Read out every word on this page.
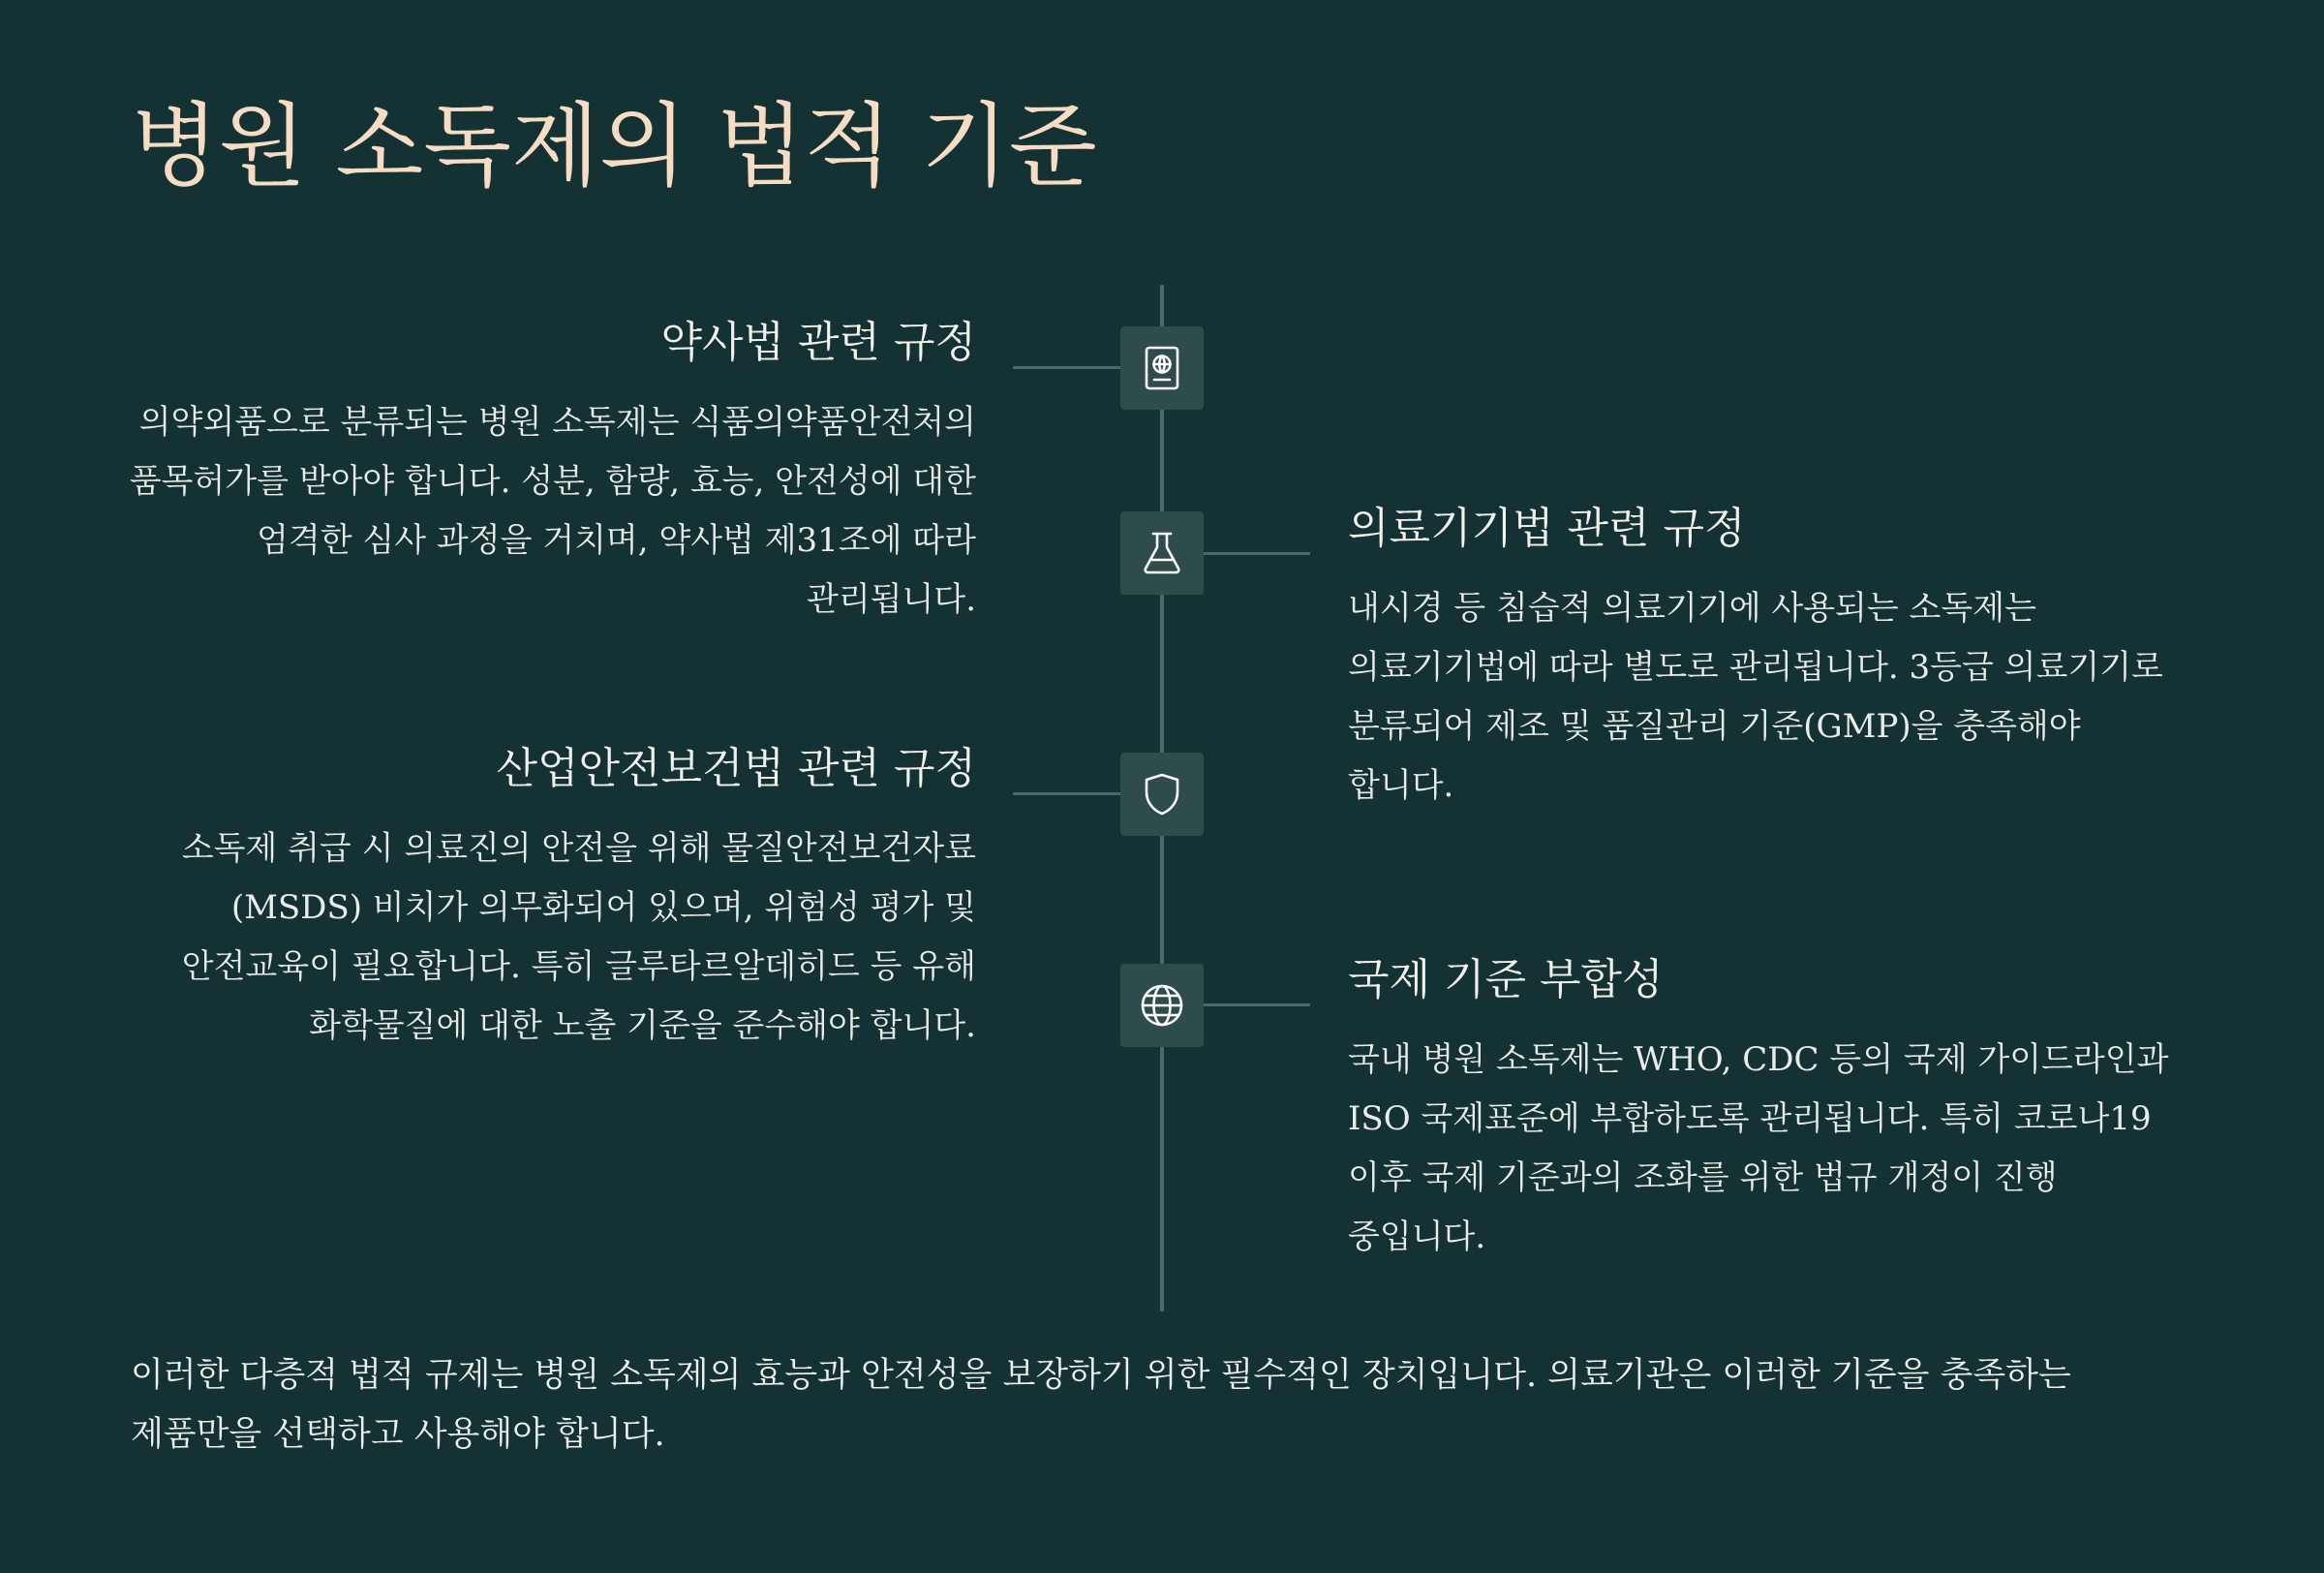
병원 소독제의 법적 기준
약사법 관련 규정

의약외품으로 분류되는 병원 소독제는 식품의약품안전처의 품목허가를 받아야 합니다. 성분, 함량, 효능, 안전성에 대한 엄격한 심사 과정을 거치며, 약사법 제31조에 따라 관리됩니다.

의료기기법 관련 규정

내시경 등 침습적 의료기기에 사용되는 소독제는 의료기기법에 따라 별도로 관리됩니다. 3등급 의료기기로 분류되어 제조 및 품질관리 기준(GMP)을 충족해야 합니다.

산업안전보건법 관련 규정

소독제 취급 시 의료진의 안전을 위해 물질안전보건자료(MSDS) 비치가 의무화되어 있으며, 위험성 평가 및 안전교육이 필요합니다. 특히 글루타르알데히드 등 유해 화학물질에 대한 노출 기준을 준수해야 합니다.

국제 기준 부합성

국내 병원 소독제는 WHO, CDC 등의 국제 가이드라인과 ISO 국제표준에 부합하도록 관리됩니다. 특히 코로나19 이후 국제 기준과의 조화를 위한 법규 개정이 진행 중입니다.

이러한 다층적 법적 규제는 병원 소독제의 효능과 안전성을 보장하기 위한 필수적인 장치입니다. 의료기관은 이러한 기준을 충족하는 제품만을 선택하고 사용해야 합니다.
